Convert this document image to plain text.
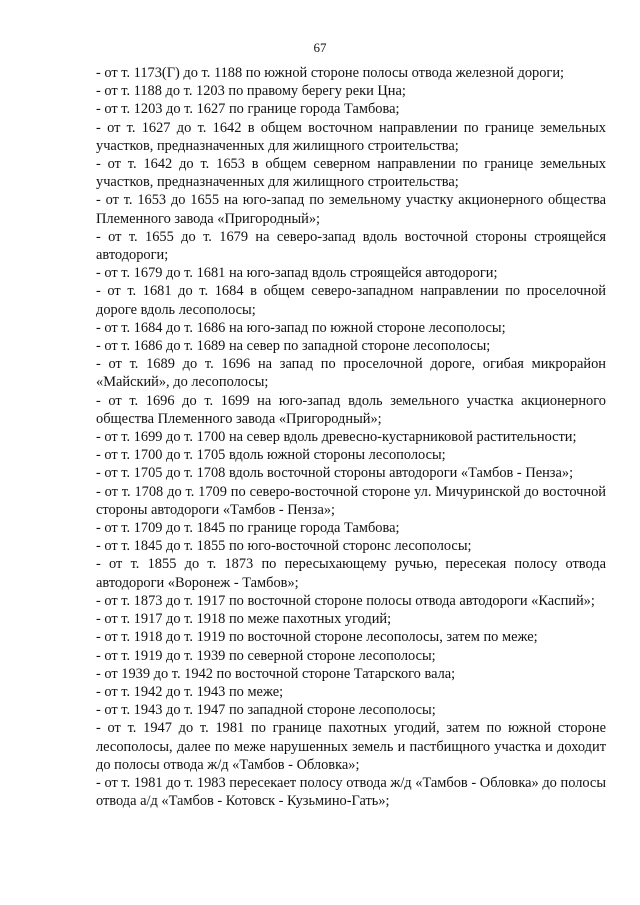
67

- от т. 1173(Г) до т. 1188 по южной стороне полосы отвода железной дороги;

- от т. 1188 до т. 1203 по правому берегу реки Цна;

- от т. 1203 до т. 1627 по границе города Тамбова;

- от т. 1627 до т. 1642 в общем восточном направлении по границе земельных участков, предназначенных для жилищного строительства;

- от т. 1642 до т. 1653 в общем северном направлении по границе земельных участков, предназначенных для жилищного строительства;

- от т. 1653 до 1655 на юго-запад по земельному участку акционерного общества Племенного завода «Пригородный»;

- от т. 1655 до т. 1679 на северо-запад вдоль восточной стороны строящейся автодороги;

- от т. 1679 до т. 1681 на юго-запад вдоль строящейся автодороги;

- от т. 1681 до т. 1684 в общем северо-западном направлении по проселочной дороге вдоль лесополосы;

- от т. 1684 до т. 1686 на юго-запад по южной стороне лесополосы;

- от т. 1686 до т. 1689 на север по западной стороне лесополосы;

- от т. 1689 до т. 1696 на запад по проселочной дороге, огибая микрорайон «Майский», до лесополосы;

- от т. 1696 до т. 1699 на юго-запад вдоль земельного участка акционерного общества Племенного завода «Пригородный»;

- от т. 1699 до т. 1700 на север вдоль древесно-кустарниковой растительности;

- от т. 1700 до т. 1705 вдоль южной стороны лесополосы;

- от т. 1705 до т. 1708 вдоль восточной стороны автодороги «Тамбов - Пенза»;

- от т. 1708 до т. 1709 по северо-восточной стороне ул. Мичуринской до восточной стороны автодороги «Тамбов - Пенза»;

- от т. 1709 до т. 1845 по границе города Тамбова;

- от т. 1845 до т. 1855 по юго-восточной сторонс лесополосы;

- от т. 1855 до т. 1873 по пересыхающему ручью, пересекая полосу отвода автодороги «Воронеж - Тамбов»;

- от т. 1873 до т. 1917 по восточной стороне полосы отвода автодороги «Каспий»;

- от т. 1917 до т. 1918 по меже пахотных угодий;

- от т. 1918 до т. 1919 по восточной стороне лесополосы, затем по меже;

- от т. 1919 до т. 1939 по северной стороне лесополосы;

- от 1939 до т. 1942 по восточной стороне Татарского вала;

- от т. 1942 до т. 1943 по меже;

- от т. 1943 до т. 1947 по западной стороне лесополосы;

- от т. 1947 до т. 1981 по границе пахотных угодий, затем по южной стороне лесополосы, далее по меже нарушенных земель и пастбищного участка и доходит до полосы отвода ж/д «Тамбов - Обловка»;

- от т. 1981 до т. 1983 пересекает полосу отвода ж/д «Тамбов - Обловка» до полосы отвода а/д «Тамбов - Котовск - Кузьмино-Гать»;
